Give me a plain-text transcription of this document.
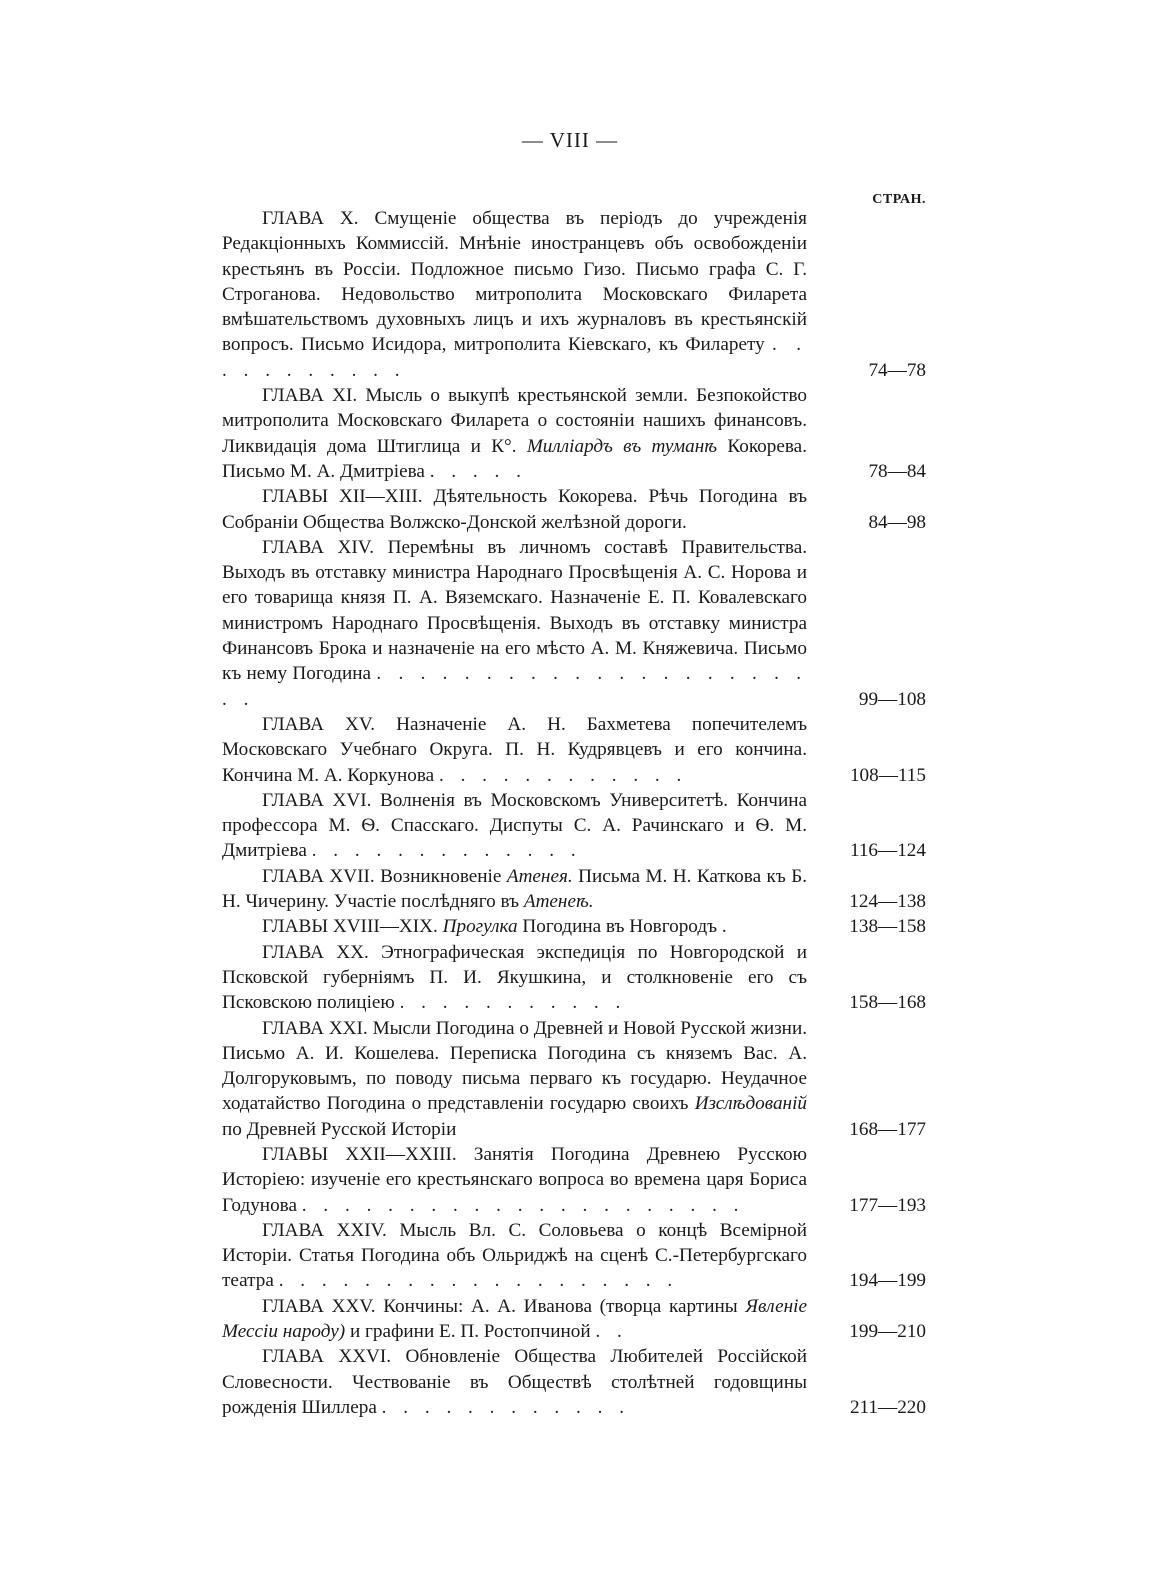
— VIII —
СТРАН.
ГЛАВА X. Смущеніе общества въ періодъ до учрежденія Редакціонныхъ Коммиссій. Мнѣніе иностранцевъ объ освобожденіи крестьянъ въ Россіи. Подложное письмо Гизо. Письмо графа С. Г. Строганова. Недовольство митрополита Московскаго Филарета вмѣшательствомъ духовныхъ лицъ и ихъ журналовъ въ крестьянскій вопросъ. Письмо Исидора, митрополита Кіевскаго, къ Филарету . . . . . . . . . . .	74—78
ГЛАВА XI. Мысль о выкупѣ крестьянской земли. Безпокойство митрополита Московскаго Филарета о состояніи нашихъ финансовъ. Ликвидація дома Штиглица и К°. Милліардъ въ туманѣ Кокорева. Письмо М. А. Дмитріева . . . . .	78—84
ГЛАВЫ XII—XIII. Дѣятельность Кокорева. Рѣчь Погодина въ Собраніи Общества Волжско-Донской желѣзной дороги.	84—98
ГЛАВА XIV. Перемѣны въ личномъ составѣ Правительства. Выходъ въ отставку министра Народнаго Просвѣщенія А. С. Норова и его товарища князя П. А. Вяземскаго. Назначеніе Е. П. Ковалевскаго министромъ Народнаго Просвѣщенія. Выходъ въ отставку министра Финансовъ Брока и назначеніе на его мѣсто А. М. Княжевича. Письмо къ нему Погодина . . . . . . . . . . . . . . . . . . . . . .	99—108
ГЛАВА XV. Назначеніе А. Н. Бахметева попечителемъ Московскаго Учебнаго Округа. П. Н. Кудрявцевъ и его кончина. Кончина М. А. Коркунова . . . . . . . . . . . .	108—115
ГЛАВА XVI. Волненія въ Московскомъ Университетѣ. Кончина профессора М. Ѳ. Спасскаго. Диспуты С. А. Рачинскаго и Ѳ. М. Дмитріева . . . . . . . . . . . . .	116—124
ГЛАВА XVII. Возникновеніе Атенея. Письма М. Н. Каткова къ Б. Н. Чичерину. Участіе послѣдняго въ Атенеѣ.	124—138
ГЛАВЫ XVIII—XIX. Прогулка Погодина въ Новгородъ .	138—158
ГЛАВА XX. Этнографическая экспедиція по Новгородской и Псковской губерніямъ П. И. Якушкина, и столкновеніе его съ Псковскою полиціею . . . . . . . . . . .	158—168
ГЛАВА XXI. Мысли Погодина о Древней и Новой Русской жизни. Письмо А. И. Кошелева. Переписка Погодина съ княземъ Вас. А. Долгоруковымъ, по поводу письма перваго къ государю. Неудачное ходатайство Погодина о представленіи государю своихъ Изслѣдованій по Древней Русской Исторіи	168—177
ГЛАВЫ XXII—XXIII. Занятія Погодина Древнею Русскою Исторіею: изученіе его крестьянскаго вопроса во времена царя Бориса Годунова . . . . . . . . . . . . . . . . . . . . .	177—193
ГЛАВА XXIV. Мысль Вл. С. Соловьева о концѣ Всемірной Исторіи. Статья Погодина объ Ольриджѣ на сценѣ С.-Петербургскаго театра . . . . . . . . . . . . . . . . . . .	194—199
ГЛАВА XXV. Кончины: А. А. Иванова (творца картины Явленіе Мессіи народу) и графини Е. П. Ростопчиной . .	199—210
ГЛАВА XXVI. Обновленіе Общества Любителей Россійской Словесности. Чествованіе въ Обществѣ столѣтней годовщины рожденія Шиллера . . . . . . . . . . . .	211—220
